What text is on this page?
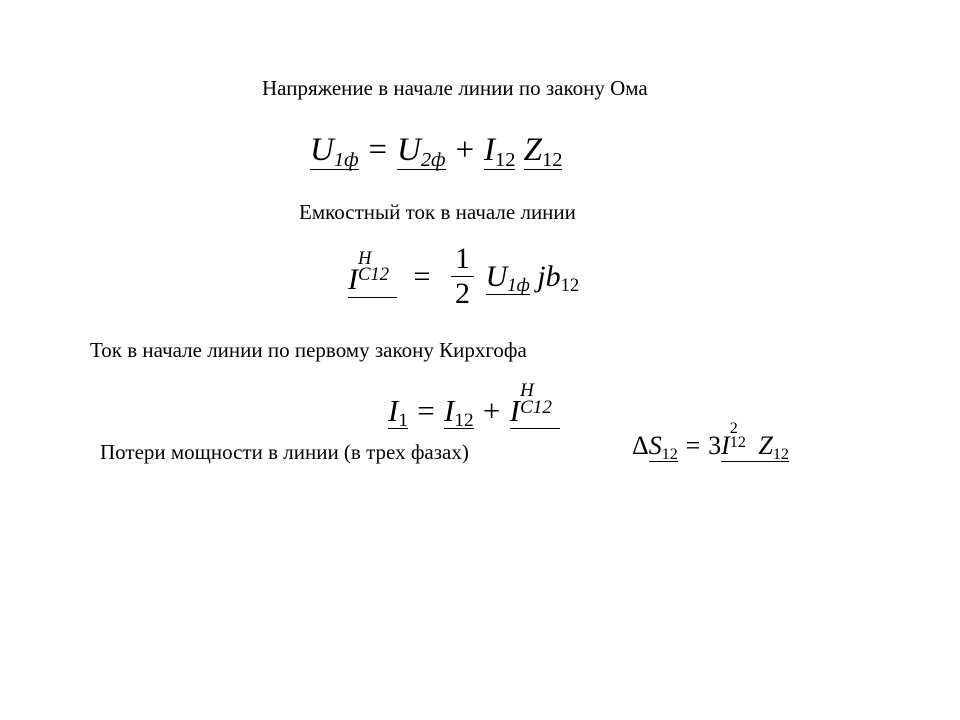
Напряжение в начале линии по закону Ома
U1ф = U2ф + I12 Z12
Емкостный ток в начале линии
I
Н
$C12 = \frac{1}{2} U1ф$ jb12
Ток в начале линии по первому закону Кирхгофа
I1 = I12 + I
Н
C12
Потери мощности в линии (в трех фазах)	ΔS12 = 3I
2
12 Z12
